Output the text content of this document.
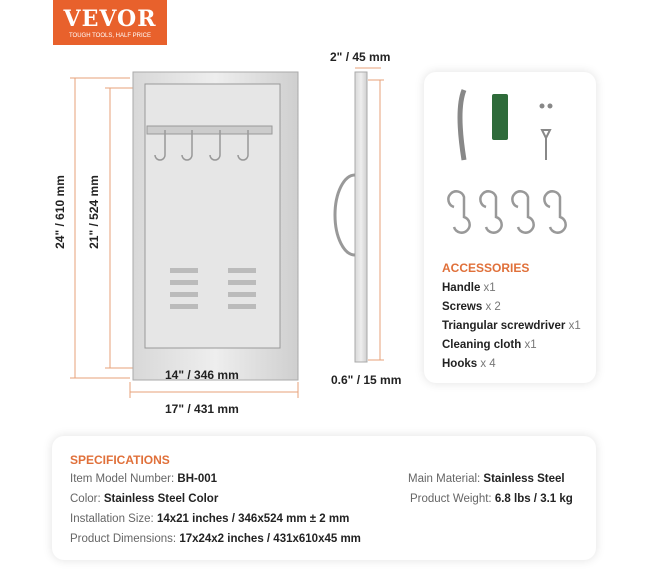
VEVOR
TOUGH TOOLS, HALF PRICE
2" / 45 mm
24" / 610 mm 21" / 524 mm
14" / 346 mm
17" / 431 mm
0.6" / 15 mm
ACCESSORIES
Handle x1
Screws x 2
Triangular screwdriver x1
Cleaning cloth x1
Hooks x 4
SPECIFICATIONS
Item Model Number: BH-001
Color: Stainless Steel Color
Installation Size: 14x21 inches / 346x524 mm ± 2 mm
Product Dimensions: 17x24x2 inches / 431x610x45 mm
Main Material: Stainless Steel
Product Weight: 6.8 lbs / 3.1 kg
